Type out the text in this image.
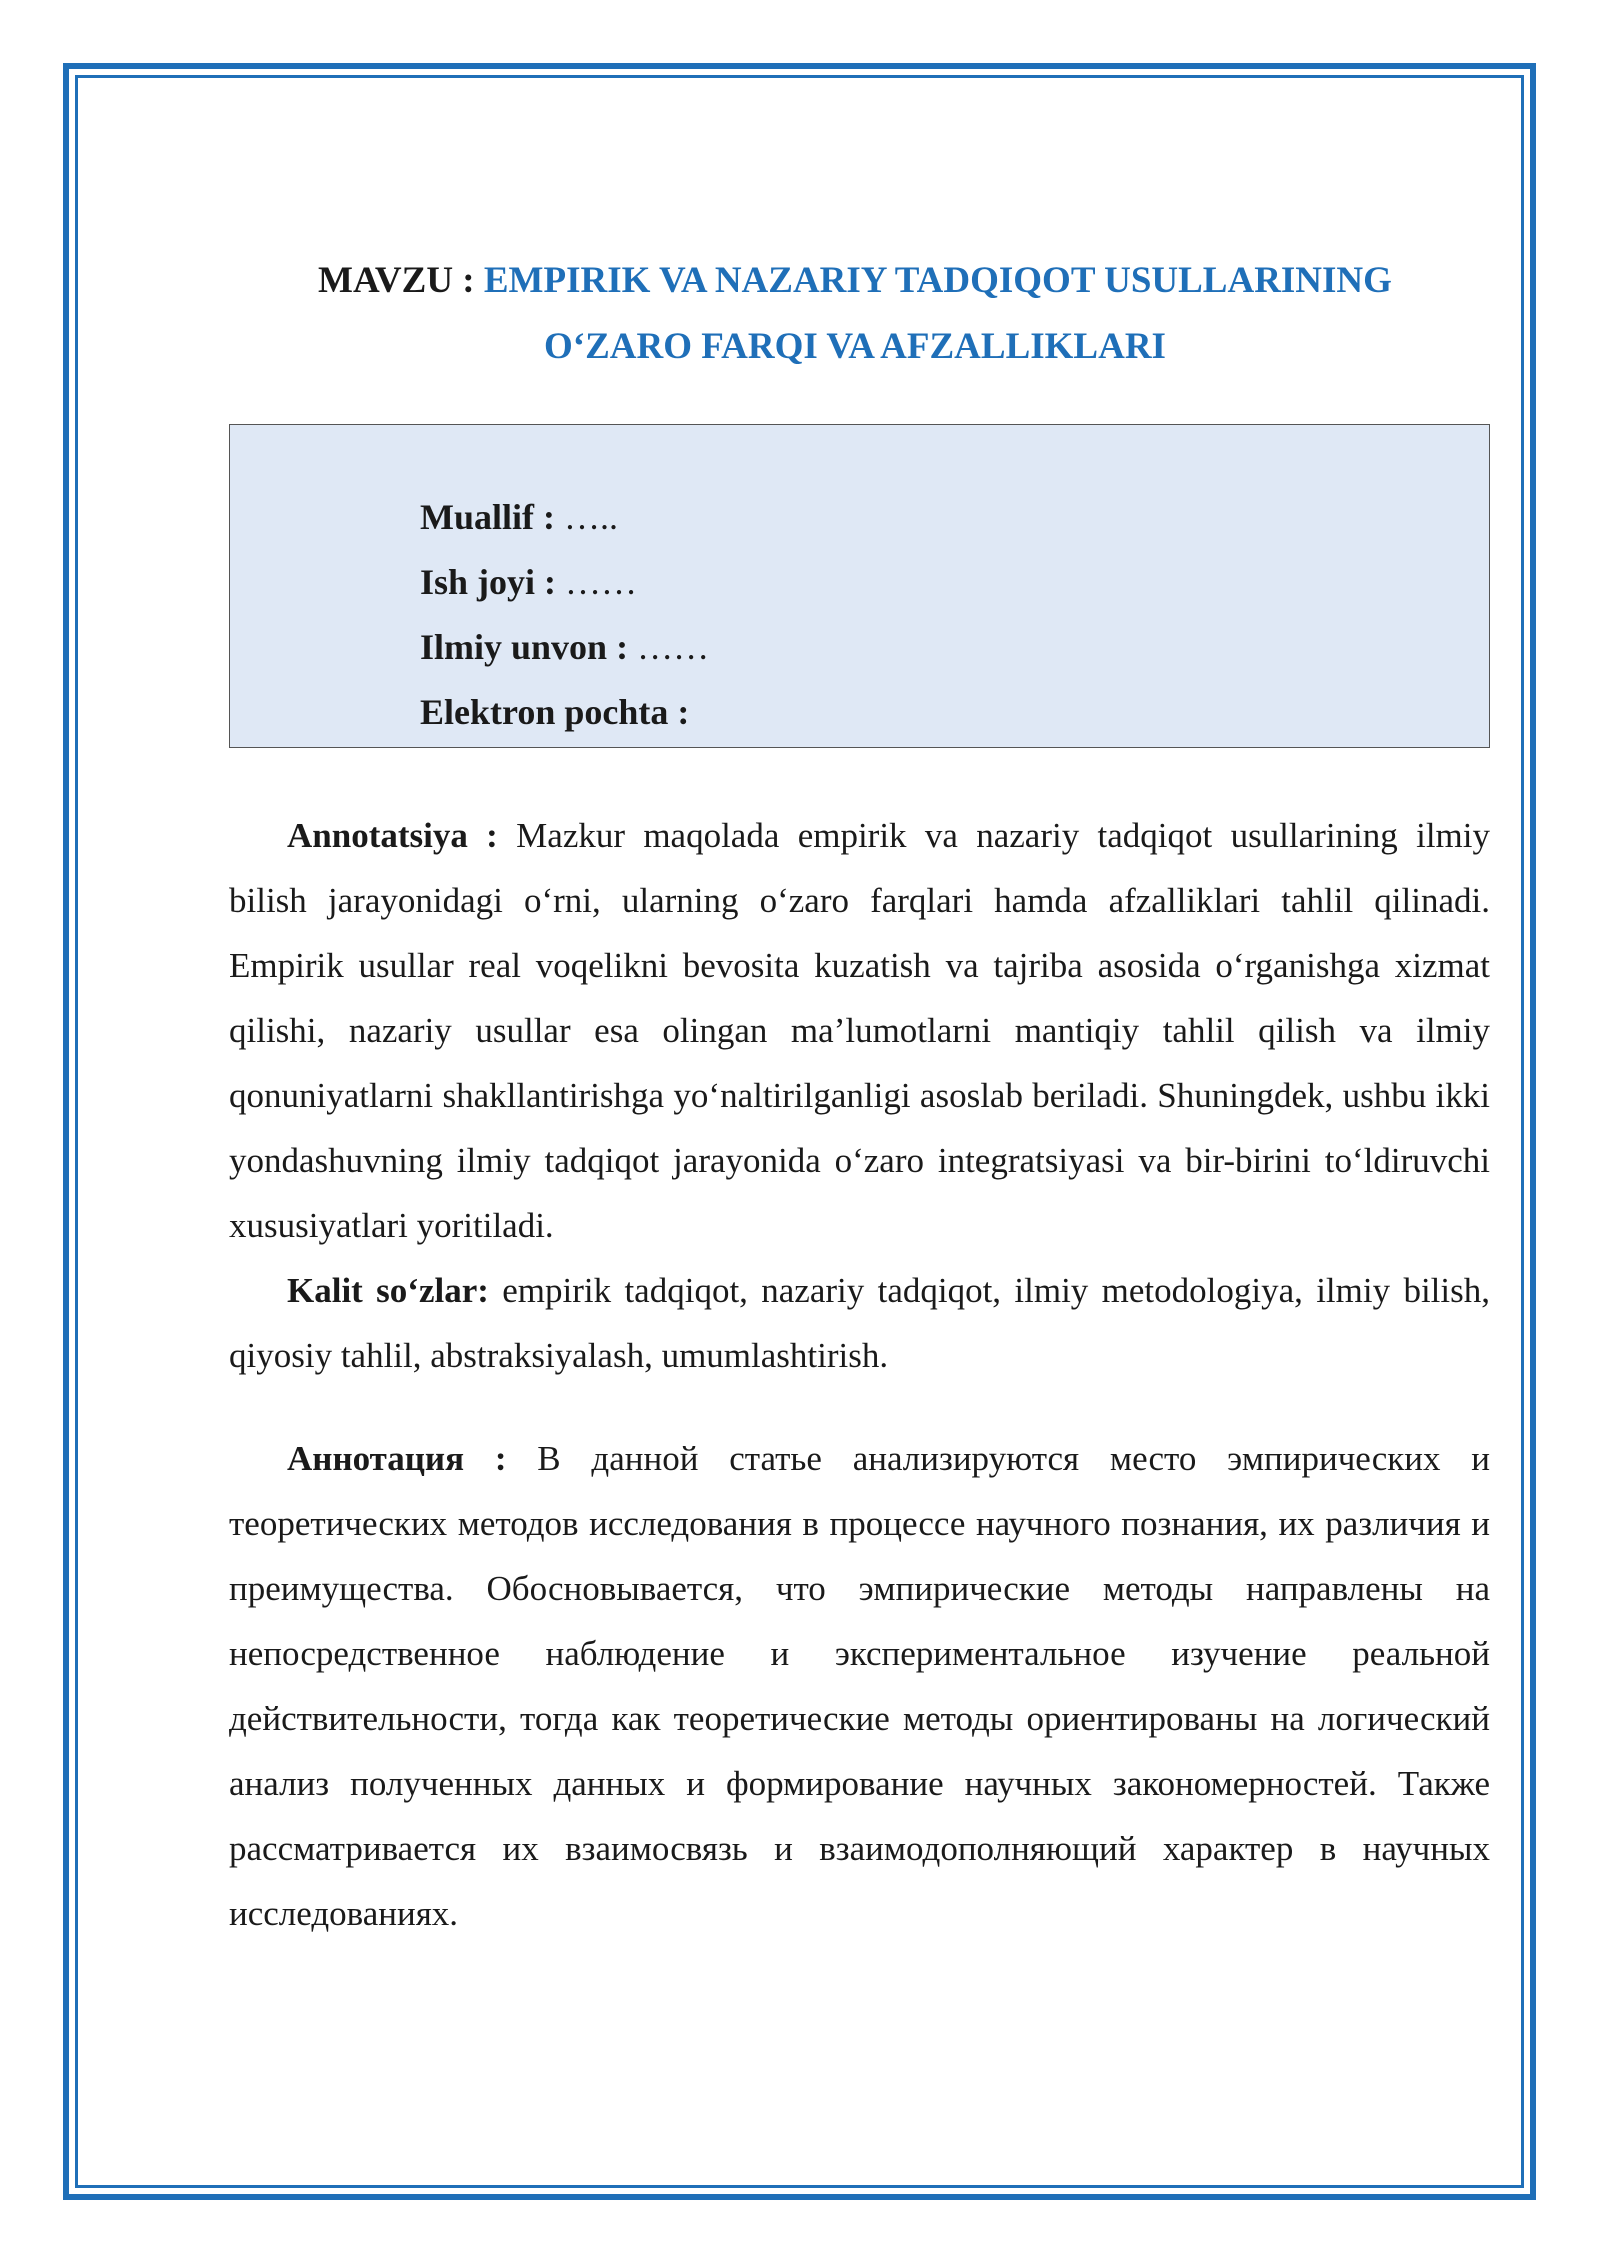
MAVZU : EMPIRIK VA NAZARIY TADQIQOT USULLARINING
O‘ZARO FARQI VA AFZALLIKLARI
Muallif : …..
Ish joyi : ……
Ilmiy unvon : ……
Elektron pochta :

Annotatsiya : Mazkur maqolada empirik va nazariy tadqiqot usullarining ilmiy bilish jarayonidagi o‘rni, ularning o‘zaro farqlari hamda afzalliklari tahlil qilinadi. Empirik usullar real voqelikni bevosita kuzatish va tajriba asosida o‘rganishga xizmat qilishi, nazariy usullar esa olingan ma’lumotlarni mantiqiy tahlil qilish va ilmiy qonuniyatlarni shakllantirishga yo‘naltirilganligi asoslab beriladi. Shuningdek, ushbu ikki yondashuvning ilmiy tadqiqot jarayonida o‘zaro integratsiyasi va bir-birini to‘ldiruvchi xususiyatlari yoritiladi.

Kalit so‘zlar: empirik tadqiqot, nazariy tadqiqot, ilmiy metodologiya, ilmiy bilish, qiyosiy tahlil, abstraksiyalash, umumlashtirish.

Аннотация : В данной статье анализируются место эмпирических и теоретических методов исследования в процессе научного познания, их различия и преимущества. Обосновывается, что эмпирические методы направлены на непосредственное наблюдение и экспериментальное изучение реальной действительности, тогда как теоретические методы ориентированы на логический анализ полученных данных и формирование научных закономерностей. Также рассматривается их взаимосвязь и взаимодополняющий характер в научных исследованиях.
